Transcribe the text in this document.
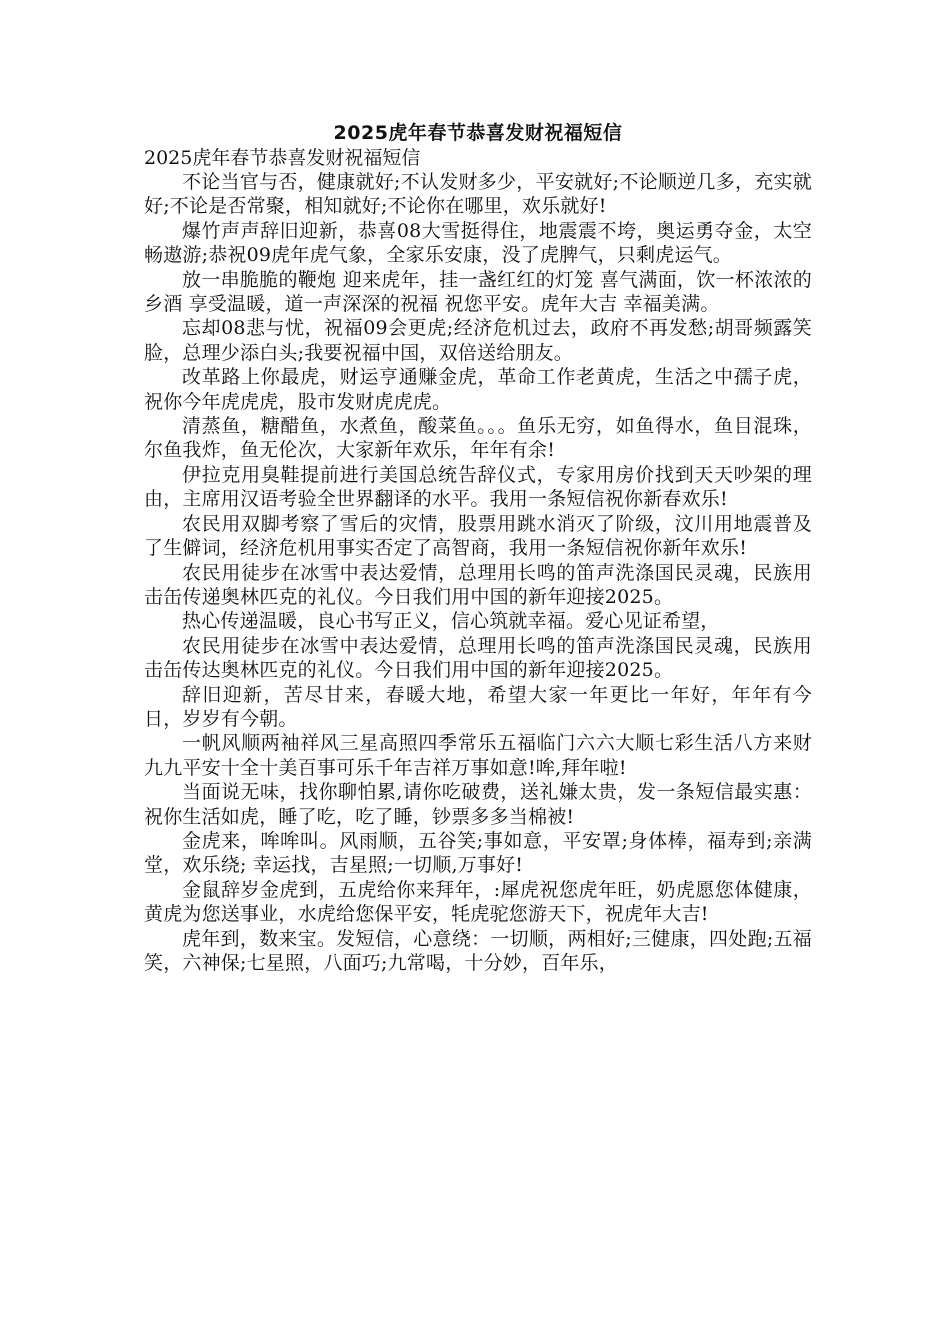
2025虎年春节恭喜发财祝福短信

2025虎年春节恭喜发财祝福短信

不论当官与否，健康就好;不认发财多少，平安就好;不论顺逆几多，充实就好;不论是否常聚，相知就好;不论你在哪里，欢乐就好!

爆竹声声辞旧迎新，恭喜08大雪挺得住，地震震不垮，奥运勇夺金，太空畅遨游;恭祝09虎年虎气象，全家乐安康，没了虎脾气，只剩虎运气。

放一串脆脆的鞭炮 迎来虎年，挂一盏红红的灯笼 喜气满面，饮一杯浓浓的乡酒 享受温暖，道一声深深的祝福 祝您平安。虎年大吉 幸福美满。

忘却08悲与忧，祝福09会更虎;经济危机过去，政府不再发愁;胡哥频露笑脸，总理少添白头;我要祝福中国，双倍送给朋友。

改革路上你最虎，财运亨通赚金虎，革命工作老黄虎，生活之中孺子虎，祝你今年虎虎虎，股市发财虎虎虎。

清蒸鱼，糖醋鱼，水煮鱼，酸菜鱼。。。鱼乐无穷，如鱼得水，鱼目混珠，尔鱼我炸，鱼无伦次，大家新年欢乐，年年有余!

伊拉克用臭鞋提前进行美国总统告辞仪式，专家用房价找到天天吵架的理由，主席用汉语考验全世界翻译的水平。我用一条短信祝你新春欢乐!

农民用双脚考察了雪后的灾情，股票用跳水消灭了阶级，汶川用地震普及了生僻词，经济危机用事实否定了高智商，我用一条短信祝你新年欢乐!

农民用徒步在冰雪中表达爱情，总理用长鸣的笛声洗涤国民灵魂，民族用击缶传递奥林匹克的礼仪。今日我们用中国的新年迎接2025。

热心传递温暖，良心书写正义，信心筑就幸福。爱心见证希望，

农民用徒步在冰雪中表达爱情，总理用长鸣的笛声洗涤国民灵魂，民族用击缶传达奥林匹克的礼仪。今日我们用中国的新年迎接2025。

辞旧迎新，苦尽甘来，春暖大地，希望大家一年更比一年好，年年有今日，岁岁有今朝。

一帆风顺两袖祥风三星高照四季常乐五福临门六六大顺七彩生活八方来财九九平安十全十美百事可乐千年吉祥万事如意!哞,拜年啦!

当面说无味，找你聊怕累,请你吃破费，送礼嫌太贵，发一条短信最实惠：祝你生活如虎，睡了吃，吃了睡，钞票多多当棉被!

金虎来，哞哞叫。风雨顺，五谷笑;事如意，平安罩;身体棒，福寿到;亲满堂，欢乐绕; 幸运找，吉星照;一切顺,万事好!

金鼠辞岁金虎到，五虎给你来拜年，:犀虎祝您虎年旺，奶虎愿您体健康，黄虎为您送事业，水虎给您保平安，牦虎驼您游天下，祝虎年大吉!

虎年到，数来宝。发短信，心意绕：一切顺，两相好;三健康，四处跑;五福笑，六神保;七星照，八面巧;九常喝，十分妙，百年乐，
